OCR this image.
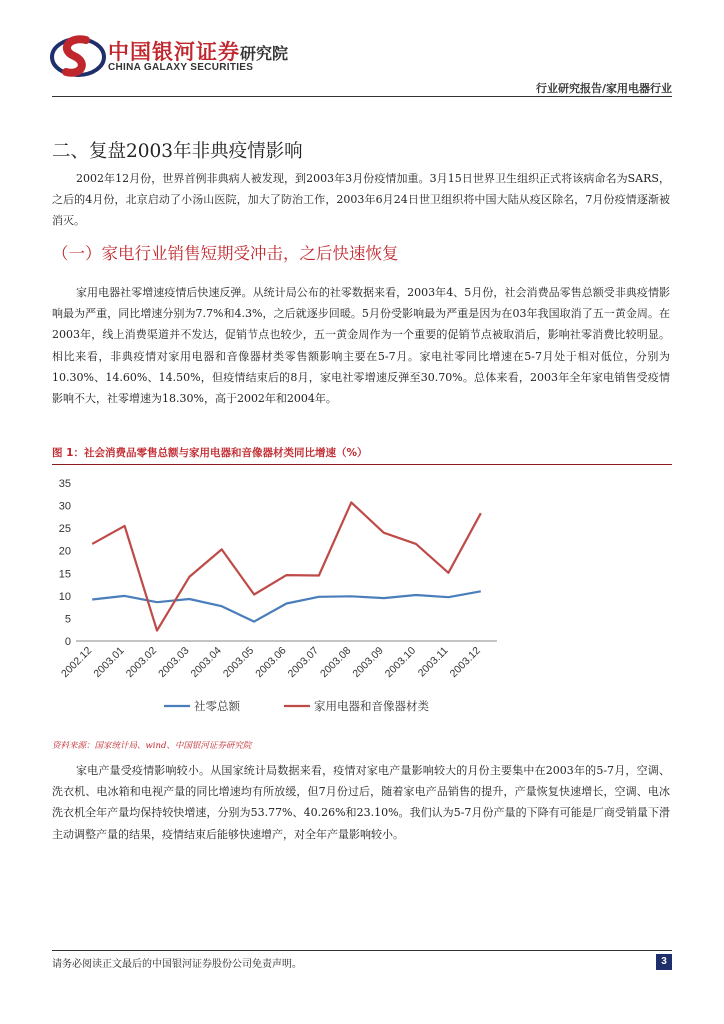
中国银河证券
CHINA GALAXY SECURITIES
研究院
行业研究报告/家用电器行业
二、复盘2003年非典疫情影响
2002年12月份，世界首例非典病人被发现，到2003年3月份疫情加重。3月15日世界卫生组织正式将该病命名为SARS，之后的4月份，北京启动了小汤山医院，加大了防治工作，2003年6月24日世卫组织将中国大陆从疫区除名，7月份疫情逐渐被消灭。
（一）家电行业销售短期受冲击，之后快速恢复
家用电器社零增速疫情后快速反弹。从统计局公布的社零数据来看，2003年4、5月份，社会消费品零售总额受非典疫情影响最为严重，同比增速分别为7.7%和4.3%，之后就逐步回暖。5月份受影响最为严重是因为在03年我国取消了五一黄金周。在2003年，线上消费渠道并不发达，促销节点也较少，五一黄金周作为一个重要的促销节点被取消后，影响社零消费比较明显。相比来看，非典疫情对家用电器和音像器材类零售额影响主要在5-7月。家电社零同比增速在5-7月处于相对低位，分别为10.30%、14.60%、14.50%，但疫情结束后的8月，家电社零增速反弹至30.70%。总体来看，2003年全年家电销售受疫情影响不大，社零增速为18.30%，高于2002年和2004年。
图 1：社会消费品零售总额与家用电器和音像器材类同比增速（%）
0
5
10
15
20
25
30
35
2002.12
2003.01
2003.02
2003.03
2003.04
2003.05
2003.06
2003.07
2003.08
2003.09
2003.10
2003.11
2003.12
社零总额	家用电器和音像器材类
资料来源：国家统计局、wind、中国银河证券研究院
家电产量受疫情影响较小。从国家统计局数据来看，疫情对家电产量影响较大的月份主要集中在2003年的5-7月，空调、洗衣机、电冰箱和电视产量的同比增速均有所放缓，但7月份过后，随着家电产品销售的提升，产量恢复快速增长，空调、电冰洗衣机全年产量均保持较快增速，分别为53.77%、40.26%和23.10%。我们认为5-7月份产量的下降有可能是厂商受销量下滑主动调整产量的结果，疫情结束后能够快速增产，对全年产量影响较小。
请务必阅读正文最后的中国银河证券股份公司免责声明。	3
